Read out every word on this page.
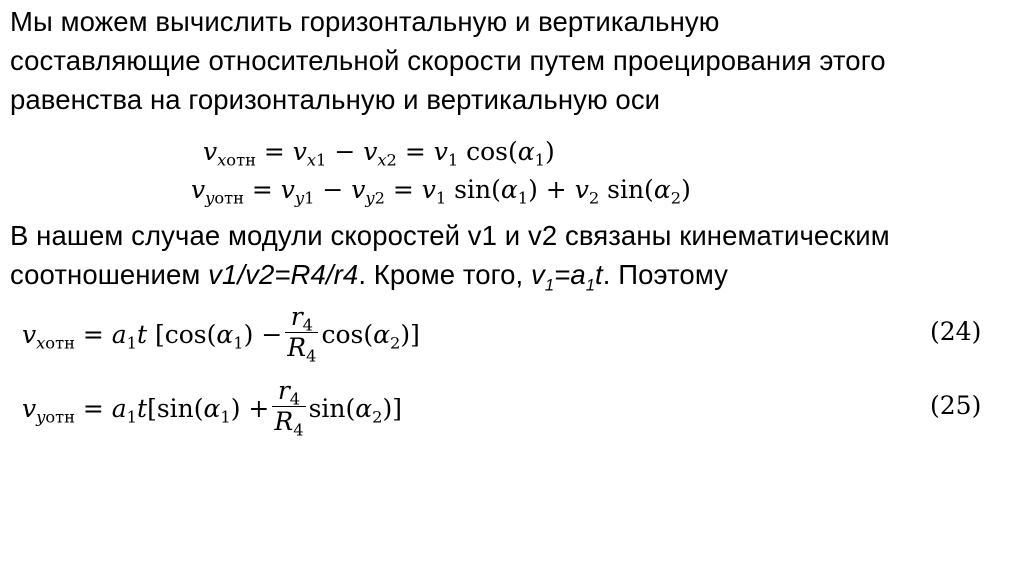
Мы можем вычислить горизонтальную и вертикальную
составляющие относительной скорости путем проецирования этого
равенства на горизонтальную и вертикальную оси
$v_{xотн} = v_{x1} - v_{x2} = v_1$ $\cos(\alpha_1)$
$v_{yотн} = v_{y1} - v_{y2} = v_1$ $\sin(\alpha_1) + v_2$ $\sin(\alpha_2)$
В нашем случае модули скоростей v1 и v2 связаны кинематическим
соотношением v1/v2=R4/r4. Кроме того, $v_1=a_1t$. Поэтому
$v_{xотн} = a_1t$ $[\cos(\alpha_1) - \frac{r_4}{R_4} \cos(\alpha_2)]$	(24)
$v_{yотн} = a_1t[\sin(\alpha_1) + \frac{r_4}{R_4} \sin(\alpha_2)]$	(25)
